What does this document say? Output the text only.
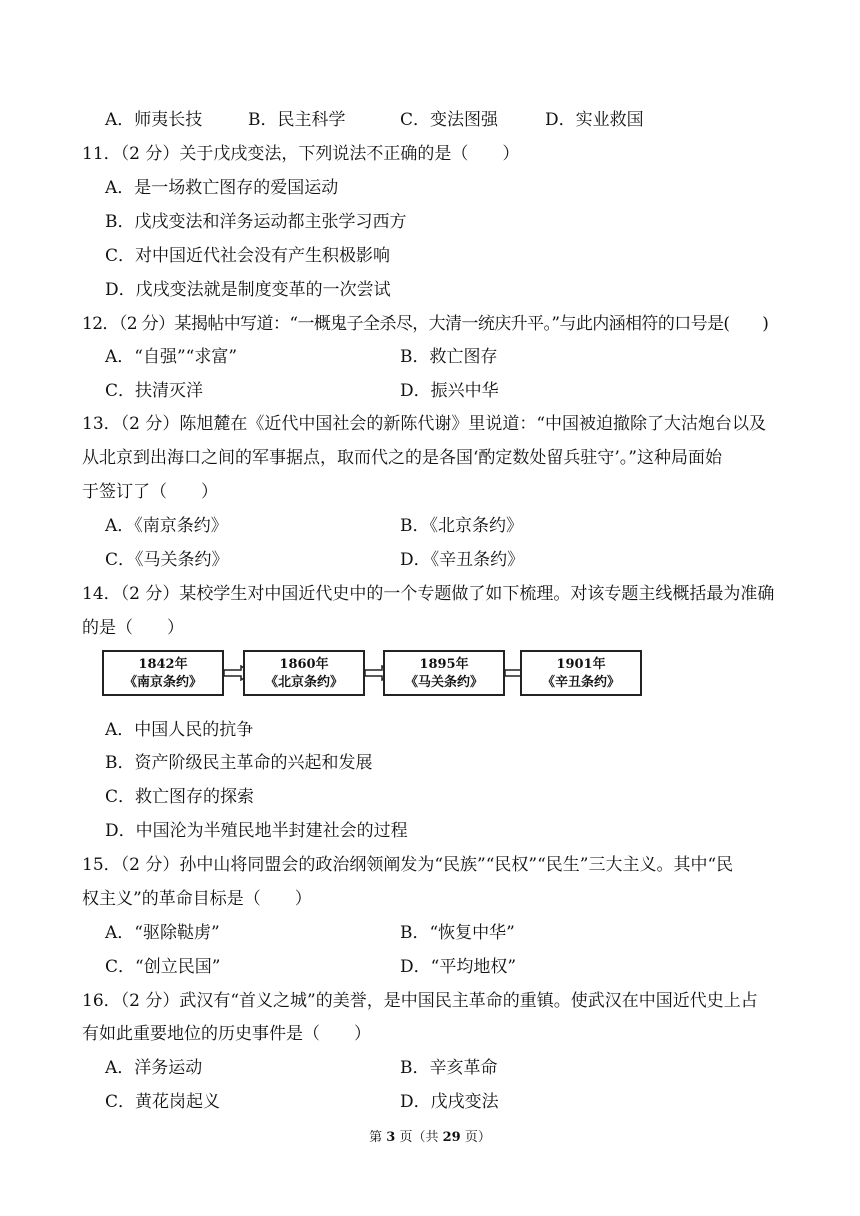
A．师夷长技	B．民主科学	C．变法图强	D．实业救国
11．（2 分）关于戊戌变法，下列说法不正确的是（　　）
A．是一场救亡图存的爱国运动
B．戊戌变法和洋务运动都主张学习西方
C．对中国近代社会没有产生积极影响
D．戊戌变法就是制度变革的一次尝试
12．（2 分）某揭帖中写道：“一概鬼子全杀尽，大清一统庆升平。”与此内涵相符的口号是(　　)
A．“自强”“求富”	B．救亡图存
C．扶清灭洋	D．振兴中华
13．（2 分）陈旭麓在《近代中国社会的新陈代谢》里说道：“中国被迫撤除了大沽炮台以及
从北京到出海口之间的军事据点，取而代之的是各国‘酌定数处留兵驻守’。”这种局面始
于签订了（　　）
A．《南京条约》	B．《北京条约》
C．《马关条约》	D．《辛丑条约》
14．（2 分）某校学生对中国近代史中的一个专题做了如下梳理。对该专题主线概括最为准确
的是（　　）
1842年
《南京条约》
1860年
《北京条约》
1895年
《马关条约》
1901年
《辛丑条约》
A．中国人民的抗争
B．资产阶级民主革命的兴起和发展
C．救亡图存的探索
D．中国沦为半殖民地半封建社会的过程
15．（2 分）孙中山将同盟会的政治纲领阐发为“民族”“民权”“民生”三大主义。其中“民
权主义”的革命目标是（　　）
A．“驱除鞑虏”	B．“恢复中华”
C．“创立民国”	D．“平均地权”
16．（2 分）武汉有“首义之城”的美誉，是中国民主革命的重镇。使武汉在中国近代史上占
有如此重要地位的历史事件是（　　）
A．洋务运动	B．辛亥革命
C．黄花岗起义	D．戊戌变法
第 3 页（共 29 页）
